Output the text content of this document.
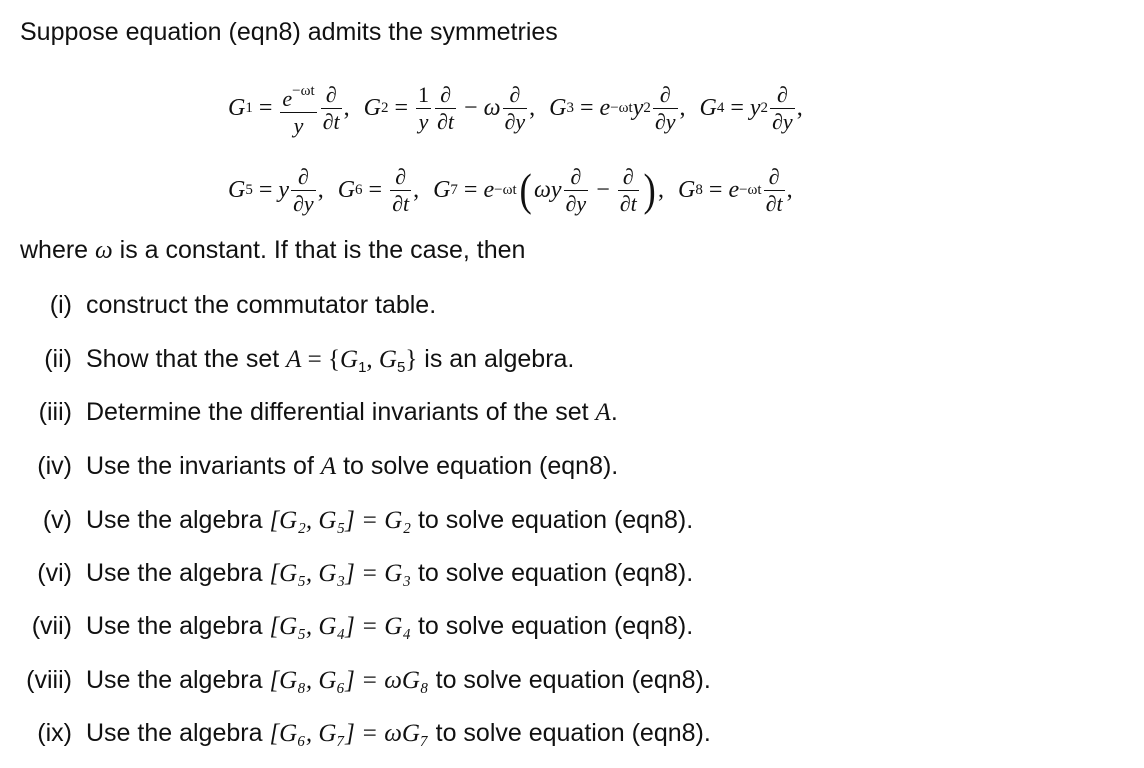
Suppose equation (eqn8) admits the symmetries
G $1 = \frac{e^{-\omega t}}{y} \frac{\partial}{\partial t}$ , G $2 = \frac{1}{y} \frac{\partial}{\partial t} - \omega \frac{\partial}{\partial y}$ , G 3 = e −ωt y $2 \frac{\partial}{\partial y}$ , G 4 = y $2 \frac{\partial}{\partial y}$ ,
G 5 = y $\frac{\partial}{\partial y}$ , G $6 = \frac{\partial}{\partial t}$ , G 7 = e −ωt ( ωy $\frac{\partial}{\partial y} - \frac{\partial}{\partial t}$ ) , G $8 = e -\omega t \frac{\partial}{\partial t}$ ,
where ω is a constant. If that is the case, then
(i) construct the commutator table.
(ii) Show that the set $A = \{G_1$, $G_5$} is an algebra.
(iii) Determine the differential invariants of the set A.
(iv) Use the invariants of A to solve equation (eqn8).
(v) Use the algebra [G₂, G₅] = G₂ to solve equation (eqn8).
(vi) Use the algebra [G₅, G₃] = G₃ to solve equation (eqn8).
(vii) Use the algebra [G₅, G₄] = G₄ to solve equation (eqn8).
(viii) Use the algebra [G₈, G₆] = ωG₈ to solve equation (eqn8).
(ix) Use the algebra [G₆, G₇] = ωG₇ to solve equation (eqn8).
